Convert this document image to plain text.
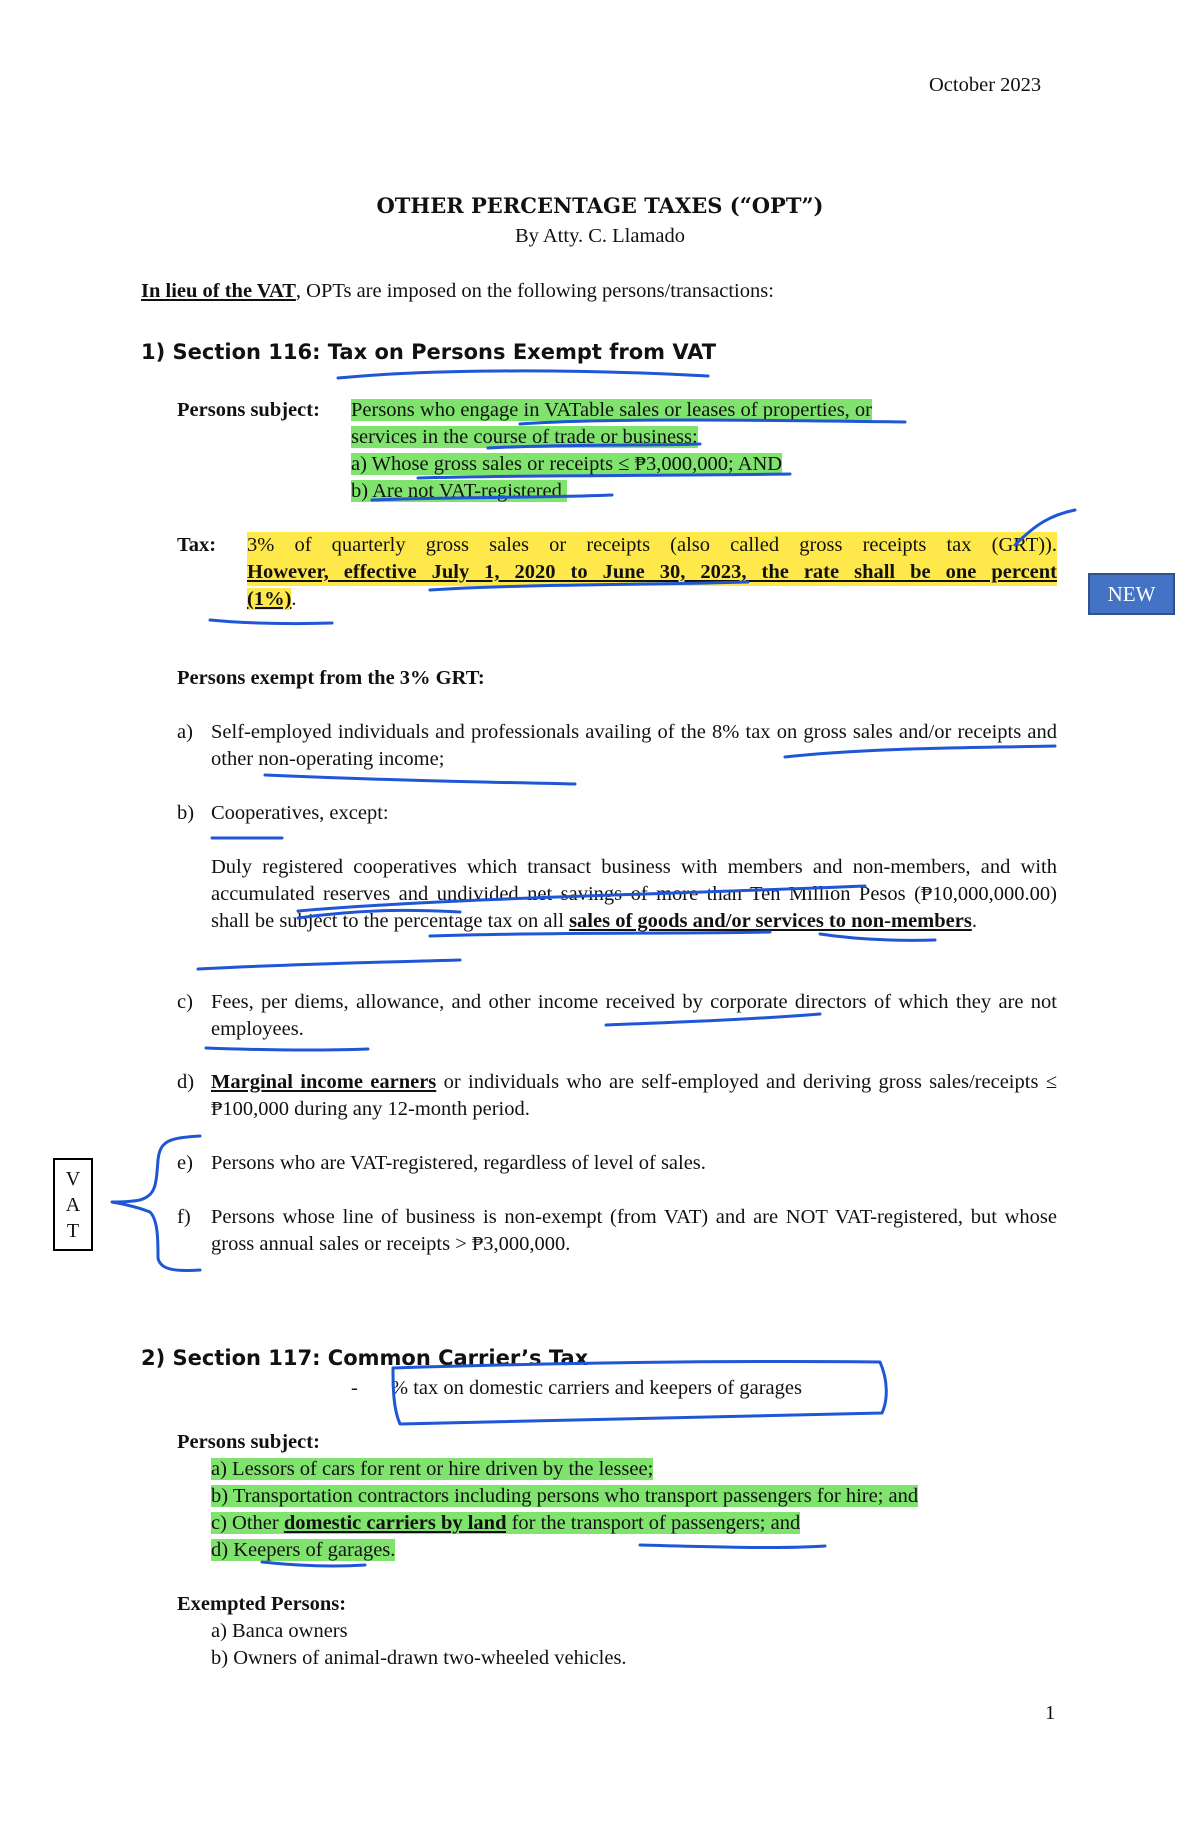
October 2023
OTHER PERCENTAGE TAXES (“OPT”)
By Atty. C. Llamado
In lieu of the VAT, OPTs are imposed on the following persons/transactions:
1) Section 116: Tax on Persons Exempt from VAT
Persons subject: Persons who engage in VATable sales or leases of properties, or
services in the course of trade or business:
a) Whose gross sales or receipts ≤ ₱3,000,000; AND
b) Are not VAT-registered.
Tax: 3% of quarterly gross sales or receipts (also called gross receipts tax (GRT)).
However, effective July 1, 2020 to June 30, 2023, the rate shall be one percent
(1%).	NEW
Persons exempt from the 3% GRT:
a) Self-employed individuals and professionals availing of the 8% tax on gross sales and/or receipts and other non-operating income;
b) Cooperatives, except:
Duly registered cooperatives which transact business with members and non-members, and with accumulated reserves and undivided net savings of more than Ten Million Pesos (₱10,000,000.00) shall be subject to the percentage tax on all sales of goods and/or services to non-members.
c) Fees, per diems, allowance, and other income received by corporate directors of which they are not employees.
d) Marginal income earners or individuals who are self-employed and deriving gross sales/receipts ≤ ₱100,000 during any 12-month period.
e) Persons who are VAT-registered, regardless of level of sales.
f) Persons whose line of business is non-exempt (from VAT) and are NOT VAT-registered, but whose gross annual sales or receipts > ₱3,000,000.
V
A
T
2) Section 117: Common Carrier’s Tax
- % tax on domestic carriers and keepers of garages
Persons subject:
a) Lessors of cars for rent or hire driven by the lessee;
b) Transportation contractors including persons who transport passengers for hire; and
c) Other domestic carriers by land for the transport of passengers; and
d) Keepers of garages.
Exempted Persons:
a) Banca owners
b) Owners of animal-drawn two-wheeled vehicles.
1
